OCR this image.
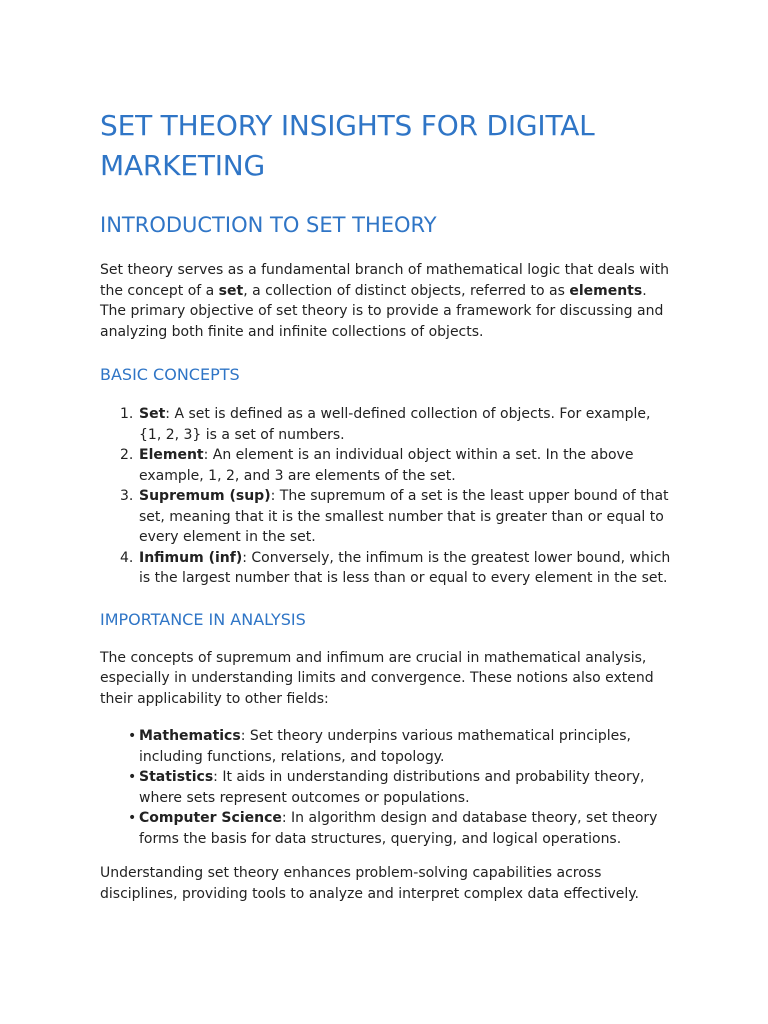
SET THEORY INSIGHTS FOR DIGITAL MARKETING
INTRODUCTION TO SET THEORY

Set theory serves as a fundamental branch of mathematical logic that deals with the concept of a set, a collection of distinct objects, referred to as elements. The primary objective of set theory is to provide a framework for discussing and analyzing both finite and infinite collections of objects.

BASIC CONCEPTS
1. Set: A set is defined as a well-defined collection of objects. For example, {1, 2, 3} is a set of numbers.
2. Element: An element is an individual object within a set. In the above example, 1, 2, and 3 are elements of the set.
3. Supremum (sup): The supremum of a set is the least upper bound of that set, meaning that it is the smallest number that is greater than or equal to every element in the set.
4. Infimum (inf): Conversely, the infimum is the greatest lower bound, which is the largest number that is less than or equal to every element in the set.
IMPORTANCE IN ANALYSIS

The concepts of supremum and infimum are crucial in mathematical analysis, especially in understanding limits and convergence. These notions also extend their applicability to other fields:

• Mathematics: Set theory underpins various mathematical principles, including functions, relations, and topology.
• Statistics: It aids in understanding distributions and probability theory, where sets represent outcomes or populations.
• Computer Science: In algorithm design and database theory, set theory forms the basis for data structures, querying, and logical operations.

Understanding set theory enhances problem-solving capabilities across disciplines, providing tools to analyze and interpret complex data effectively.
